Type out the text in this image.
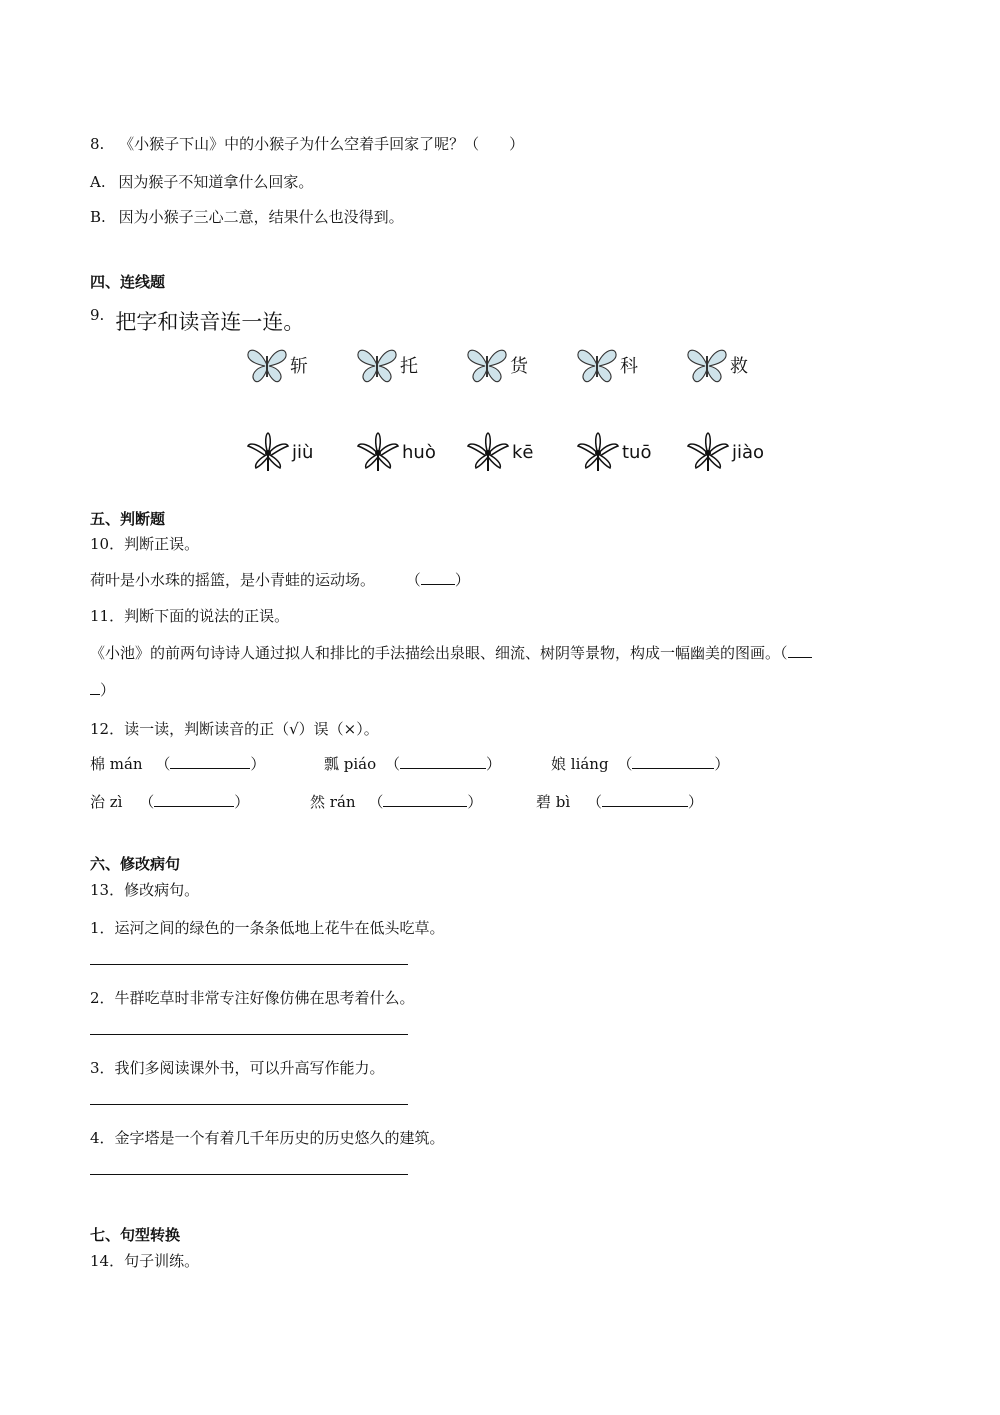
8. 《小猴子下山》中的小猴子为什么空着手回家了呢？（　　）
A. 因为猴子不知道拿什么回家。
B. 因为小猴子三心二意，结果什么也没得到。
四、连线题
9. 把字和读音连一连。
斩	托	货	科	救
jiù	huò	kē	tuō	jiào
五、判断题
10．判断正误。
荷叶是小水珠的摇篮，是小青蛙的运动场。 （ ）
11．判断下面的说法的正误。
《小池》的前两句诗诗人通过拟人和排比的手法描绘出泉眼、细流、树阴等景物，构成一幅幽美的图画。（
）
12．读一读，判断读音的正（√）误（×）。
棉 mán （	）	瓢 piáo （	）	娘 liáng （	）
治 zì （	）	然 rán （	）	碧 bì （	）
六、修改病句
13．修改病句。
1．运河之间的绿色的一条条低地上花牛在低头吃草。
2．牛群吃草时非常专注好像仿佛在思考着什么。
3．我们多阅读课外书，可以升高写作能力。
4．金字塔是一个有着几千年历史的历史悠久的建筑。
七、句型转换
14．句子训练。
